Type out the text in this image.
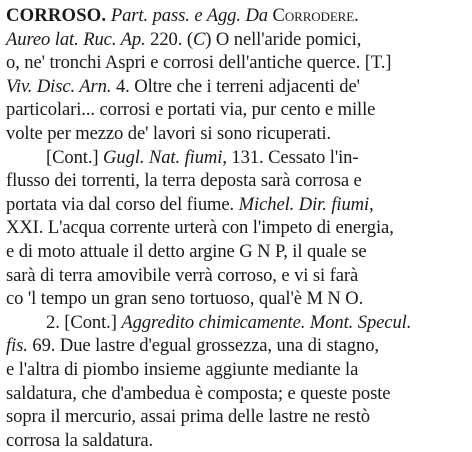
CORROSO. Part. pass. e Agg. Da Corrodere.
Aureo lat. Ruc. Ap. 220. (C) O nell'aride pomici,
o, ne' tronchi Aspri e corrosi dell'antiche querce. [T.]
Viv. Disc. Arn. 4. Oltre che i terreni adjacenti de'
particolari... corrosi e portati via, pur cento e mille
volte per mezzo de' lavori si sono ricuperati.
[Cont.] Gugl. Nat. fiumi, 131. Cessato l'in-
flusso dei torrenti, la terra deposta sarà corrosa e
portata via dal corso del fiume. Michel. Dir. fiumi,
XXI. L'acqua corrente urterà con l'impeto di energia,
e di moto attuale il detto argine G N P, il quale se
sarà di terra amovibile verrà corroso, e vi si farà
co 'l tempo un gran seno tortuoso, qual'è M N O.
2. [Cont.] Aggredito chimicamente. Mont. Specul.
fis. 69. Due lastre d'egual grossezza, una di stagno,
e l'altra di piombo insieme aggiunte mediante la
saldatura, che d'ambedua è composta; e queste poste
sopra il mercurio, assai prima delle lastre ne restò
corrosa la saldatura.
